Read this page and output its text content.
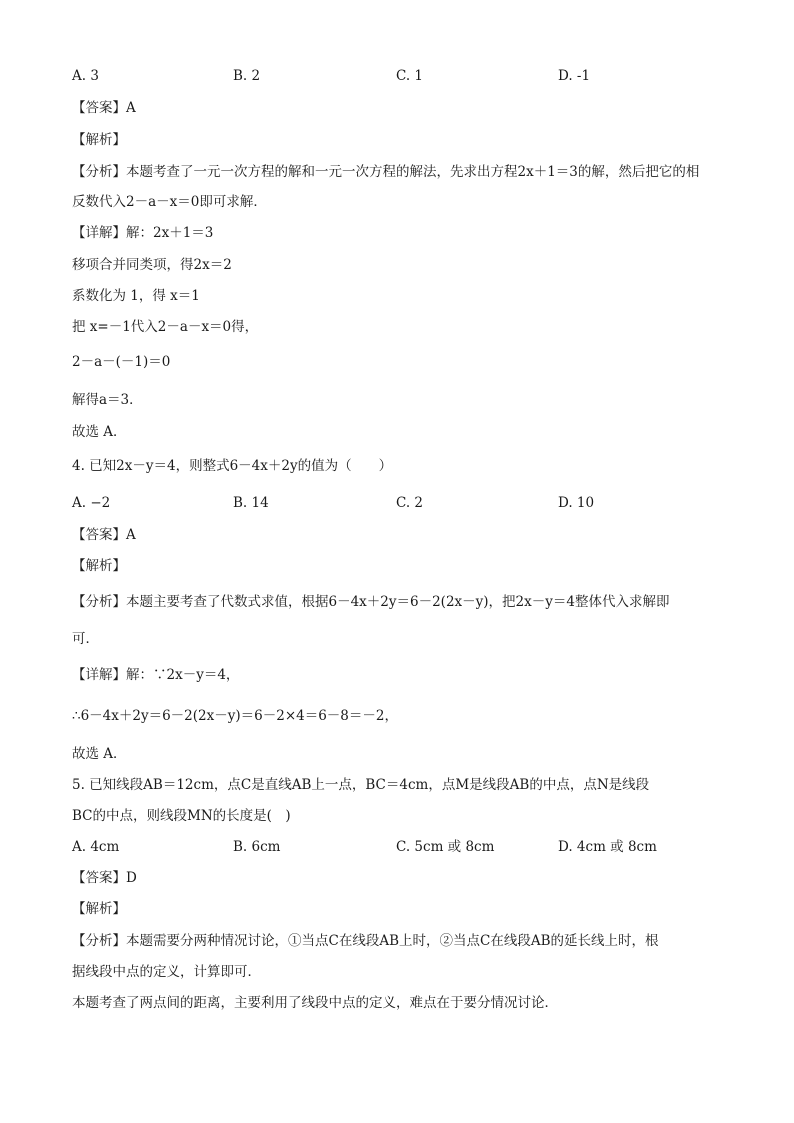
A. 3	B. 2	C. 1	D. -1
【答案】A
【解析】
【分析】本题考查了一元一次方程的解和一元一次方程的解法，先求出方程2x＋1＝3的解，然后把它的相
反数代入2－a－x＝0即可求解．
【详解】解：2x＋1＝3
移项合并同类项，得2x＝2
系数化为 1，得 x＝1
把 x=－1代入2－a－x＝0得，
2－a－(－1)＝0
解得a＝3．
故选 A．
4. 已知2x－y＝4，则整式6－4x＋2y的值为（　　）
A. −2	B. 14	C. 2	D. 10
【答案】A
【解析】
【分析】本题主要考查了代数式求值，根据6－4x＋2y＝6－2(2x－y)，把2x－y＝4整体代入求解即
可．
【详解】解：∵2x－y＝4，
∴6－4x＋2y＝6－2(2x－y)＝6－2×4＝6－8＝－2，
故选 A．
5. 已知线段AB＝12cm，点C是直线AB上一点，BC＝4cm，点M是线段AB的中点，点N是线段
BC的中点，则线段MN的长度是(　)
A. 4cm	B. 6cm	C. 5cm 或 8cm	D. 4cm 或 8cm
【答案】D
【解析】
【分析】本题需要分两种情况讨论，①当点C在线段AB上时，②当点C在线段AB的延长线上时，根
据线段中点的定义，计算即可．
本题考查了两点间的距离，主要利用了线段中点的定义，难点在于要分情况讨论．
